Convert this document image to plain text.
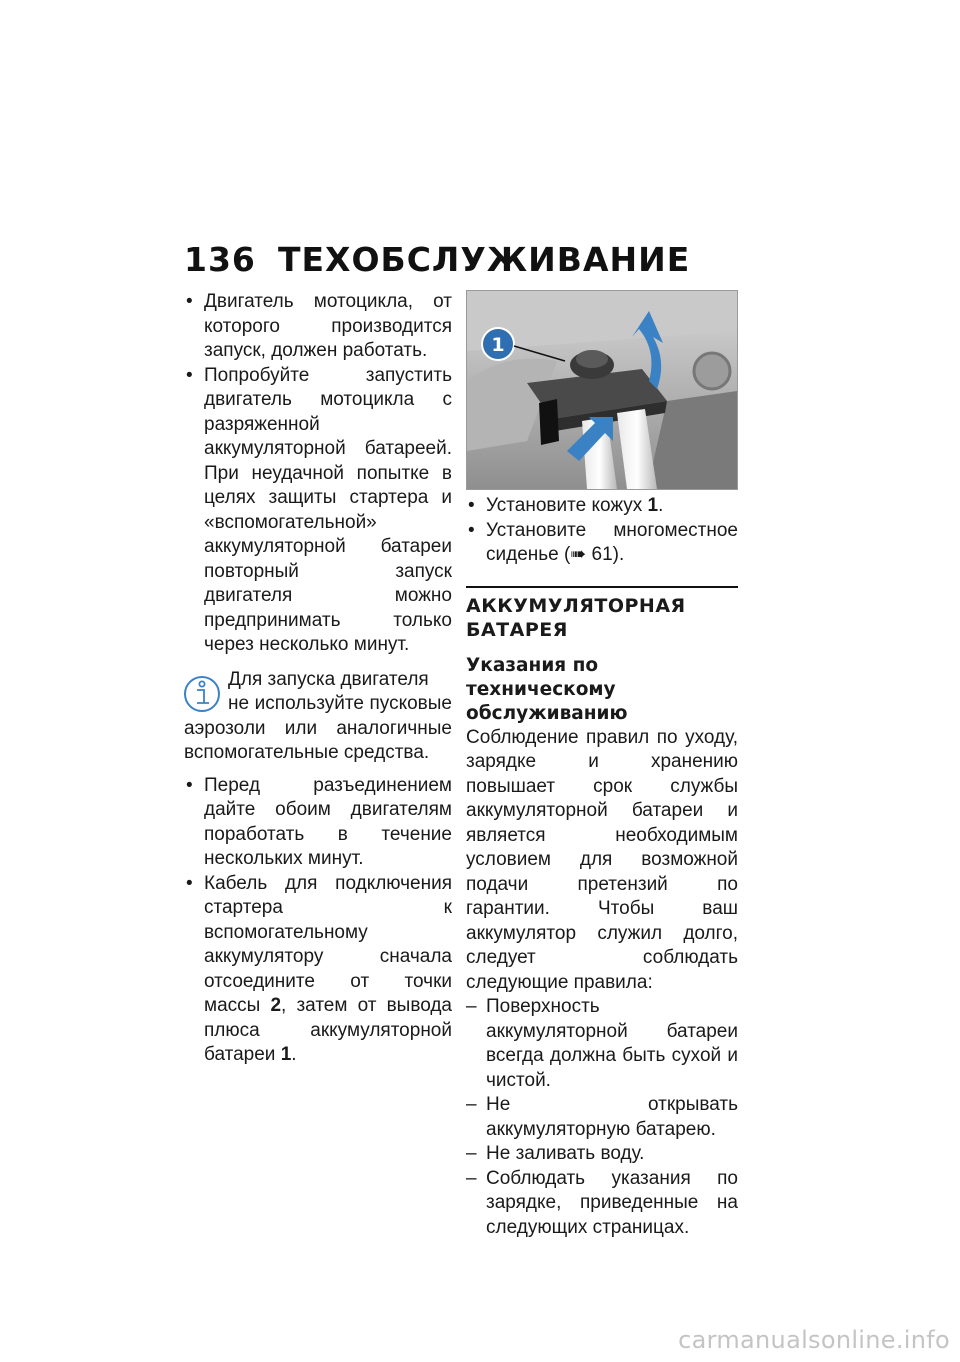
136 ТЕХОБСЛУЖИВАНИЕ
• Двигатель мотоцикла, от которого производится запуск, должен работать.
• Попробуйте запустить двигатель мотоцикла с разряженной аккумуляторной батареей. При неудачной попытке в целях защиты стартера и «вспомогательной» аккумуляторной батареи повторный запуск двигателя можно предпринимать только через несколько минут.

Для запуска двигателя

не используйте пусковые аэрозоли или аналогичные вспомогательные средства.

• Перед разъединением дайте обоим двигателям поработать в течение нескольких минут.
• Кабель для подключения стартера к вспомогательному аккумулятору сначала отсоедините от точки массы 2, затем от вывода плюса аккумуляторной батареи 1.
1
• Установите кожух 1.
• Установите многоместное сиденье (➠ 61).
АККУМУЛЯТОРНАЯ БАТАРЕЯ
Указания по техническому обслуживанию
Соблюдение правил по уходу, зарядке и хранению повышает срок службы аккумуляторной батареи и является необходимым условием для возможной подачи претензий по гарантии. Чтобы ваш аккумулятор служил долго, следует соблюдать следующие правила:
– Поверхность аккумуляторной батареи всегда должна быть сухой и чистой.
– Не открывать аккумуляторную батарею.
– Не заливать воду.
– Соблюдать указания по зарядке, приведенные на следующих страницах.
carmanualsonline.info
